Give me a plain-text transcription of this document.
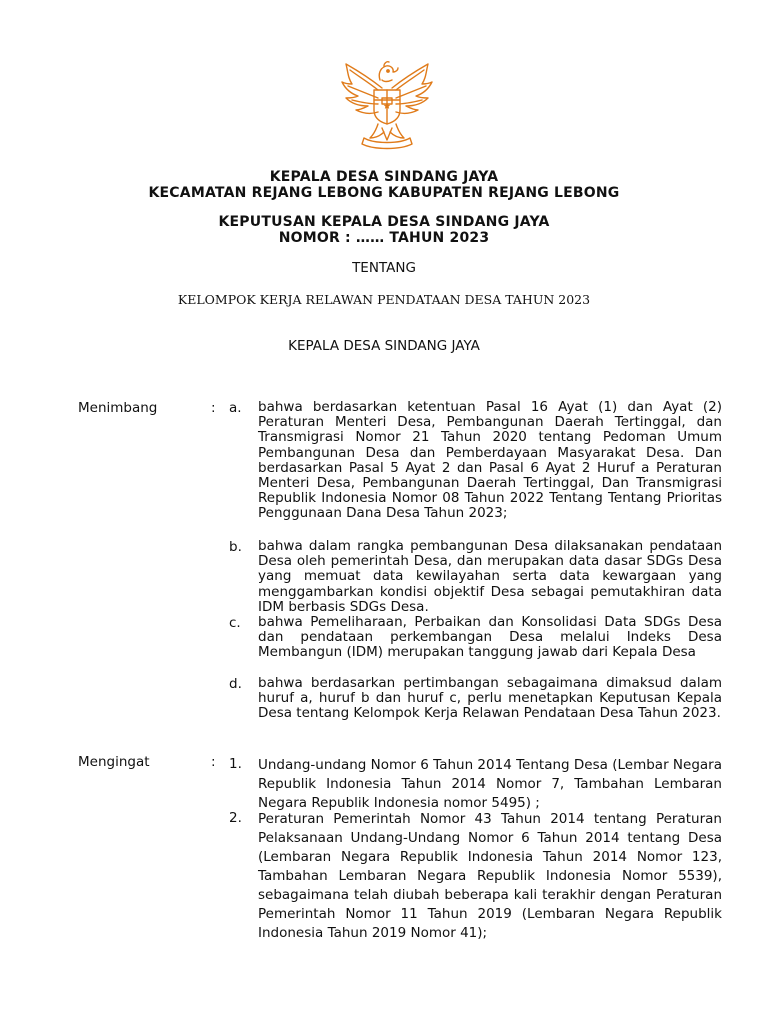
KEPALA DESA SINDANG JAYA
KECAMATAN REJANG LEBONG KABUPATEN REJANG LEBONG
KEPUTUSAN KEPALA DESA SINDANG JAYA
NOMOR : …… TAHUN 2023
TENTANG
KELOMPOK KERJA RELAWAN PENDATAAN DESA TAHUN 2023
KEPALA DESA SINDANG JAYA
Menimbang	: a. bahwa berdasarkan ketentuan Pasal 16 Ayat (1) dan Ayat (2) Peraturan Menteri Desa, Pembangunan Daerah Tertinggal, dan Transmigrasi Nomor 21 Tahun 2020 tentang Pedoman Umum Pembangunan Desa dan Pemberdayaan Masyarakat Desa. Dan berdasarkan Pasal 5 Ayat 2 dan Pasal 6 Ayat 2 Huruf a Peraturan Menteri Desa, Pembangunan Daerah Tertinggal, Dan Transmigrasi Republik Indonesia Nomor 08 Tahun 2022 Tentang Tentang Prioritas Penggunaan Dana Desa Tahun 2023;
b. bahwa dalam rangka pembangunan Desa dilaksanakan pendataan Desa oleh pemerintah Desa, dan merupakan data dasar SDGs Desa yang memuat data kewilayahan serta data kewargaan yang menggambarkan kondisi objektif Desa sebagai pemutakhiran data IDM berbasis SDGs Desa.
c. bahwa Pemeliharaan, Perbaikan dan Konsolidasi Data SDGs Desa dan pendataan perkembangan Desa melalui Indeks Desa Membangun (IDM) merupakan tanggung jawab dari Kepala Desa
d. bahwa berdasarkan pertimbangan sebagaimana dimaksud dalam huruf a, huruf b dan huruf c, perlu menetapkan Keputusan Kepala Desa tentang Kelompok Kerja Relawan Pendataan Desa Tahun 2023.
Mengingat	: 1. Undang-undang Nomor 6 Tahun 2014 Tentang Desa (Lembar Negara Republik Indonesia Tahun 2014 Nomor 7, Tambahan Lembaran Negara Republik Indonesia nomor 5495) ;
2. Peraturan Pemerintah Nomor 43 Tahun 2014 tentang Peraturan Pelaksanaan Undang-Undang Nomor 6 Tahun 2014 tentang Desa (Lembaran Negara Republik Indonesia Tahun 2014 Nomor 123, Tambahan Lembaran Negara Republik Indonesia Nomor 5539), sebagaimana telah diubah beberapa kali terakhir dengan Peraturan Pemerintah Nomor 11 Tahun 2019 (Lembaran Negara Republik Indonesia Tahun 2019 Nomor 41);
